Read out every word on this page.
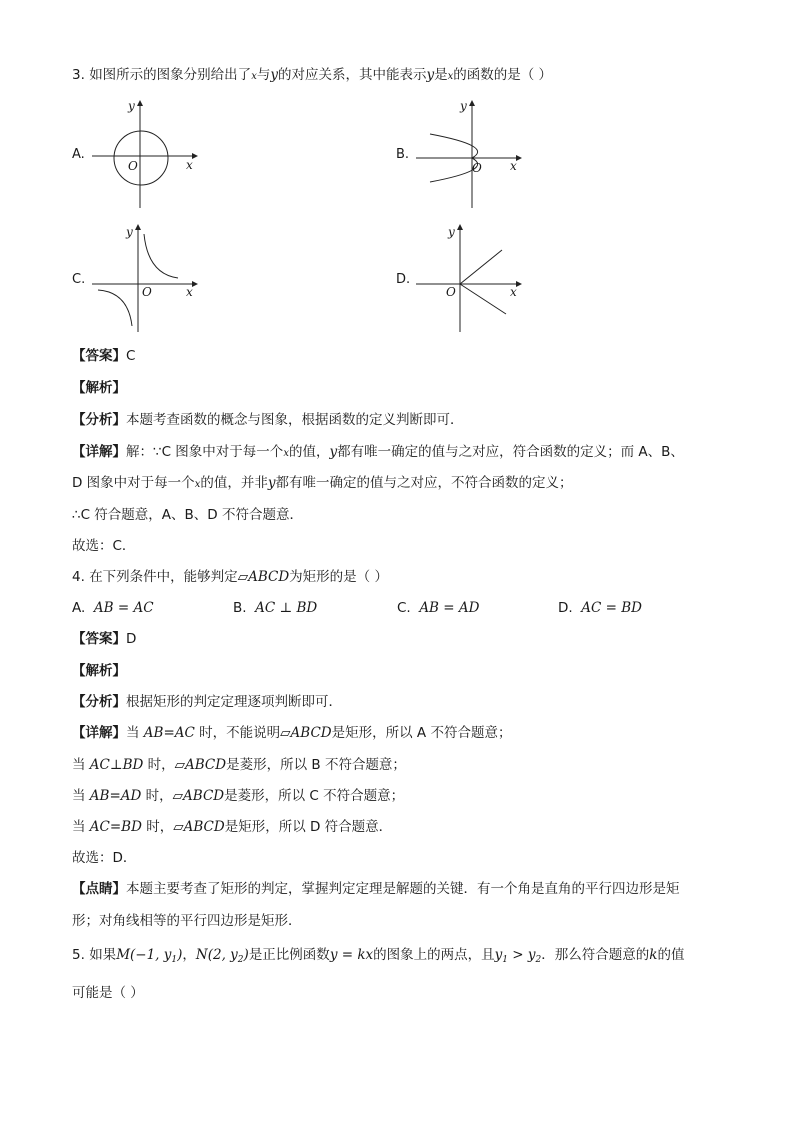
3. 如图所示的图象分别给出了x与y的对应关系，其中能表示y是x的函数的是（ ）
A.
x
y
O
B.
x
y
O
C.
x
y
O
D.
x
y
O
【答案】C
【解析】
【分析】本题考查函数的概念与图象，根据函数的定义判断即可．
【详解】解：∵C 图象中对于每一个x的值，y都有唯一确定的值与之对应，符合函数的定义；而 A、B、
D 图象中对于每一个x的值，并非y都有唯一确定的值与之对应，不符合函数的定义；
∴C 符合题意，A、B、D 不符合题意．
故选：C．
4. 在下列条件中，能够判定▱ABCD为矩形的是（ ）
A. AB = AC	B. AC ⊥ BD	C. AB = AD	D. AC = BD
【答案】D
【解析】
【分析】根据矩形的判定定理逐项判断即可．
【详解】当 AB=AC 时，不能说明▱ABCD是矩形，所以 A 不符合题意；
当 AC⊥BD 时，▱ABCD是菱形，所以 B 不符合题意；
当 AB=AD 时，▱ABCD是菱形，所以 C 不符合题意；
当 AC=BD 时，▱ABCD是矩形，所以 D 符合题意．
故选：D．
【点睛】本题主要考查了矩形的判定，掌握判定定理是解题的关键．有一个角是直角的平行四边形是矩
形；对角线相等的平行四边形是矩形．
5. 如果M(−1, $y_1$)，N(2, $y_2$)是正比例函数y = kx的图象上的两点，且$y_1 > y_2$．那么符合题意的k的值
可能是（ ）
